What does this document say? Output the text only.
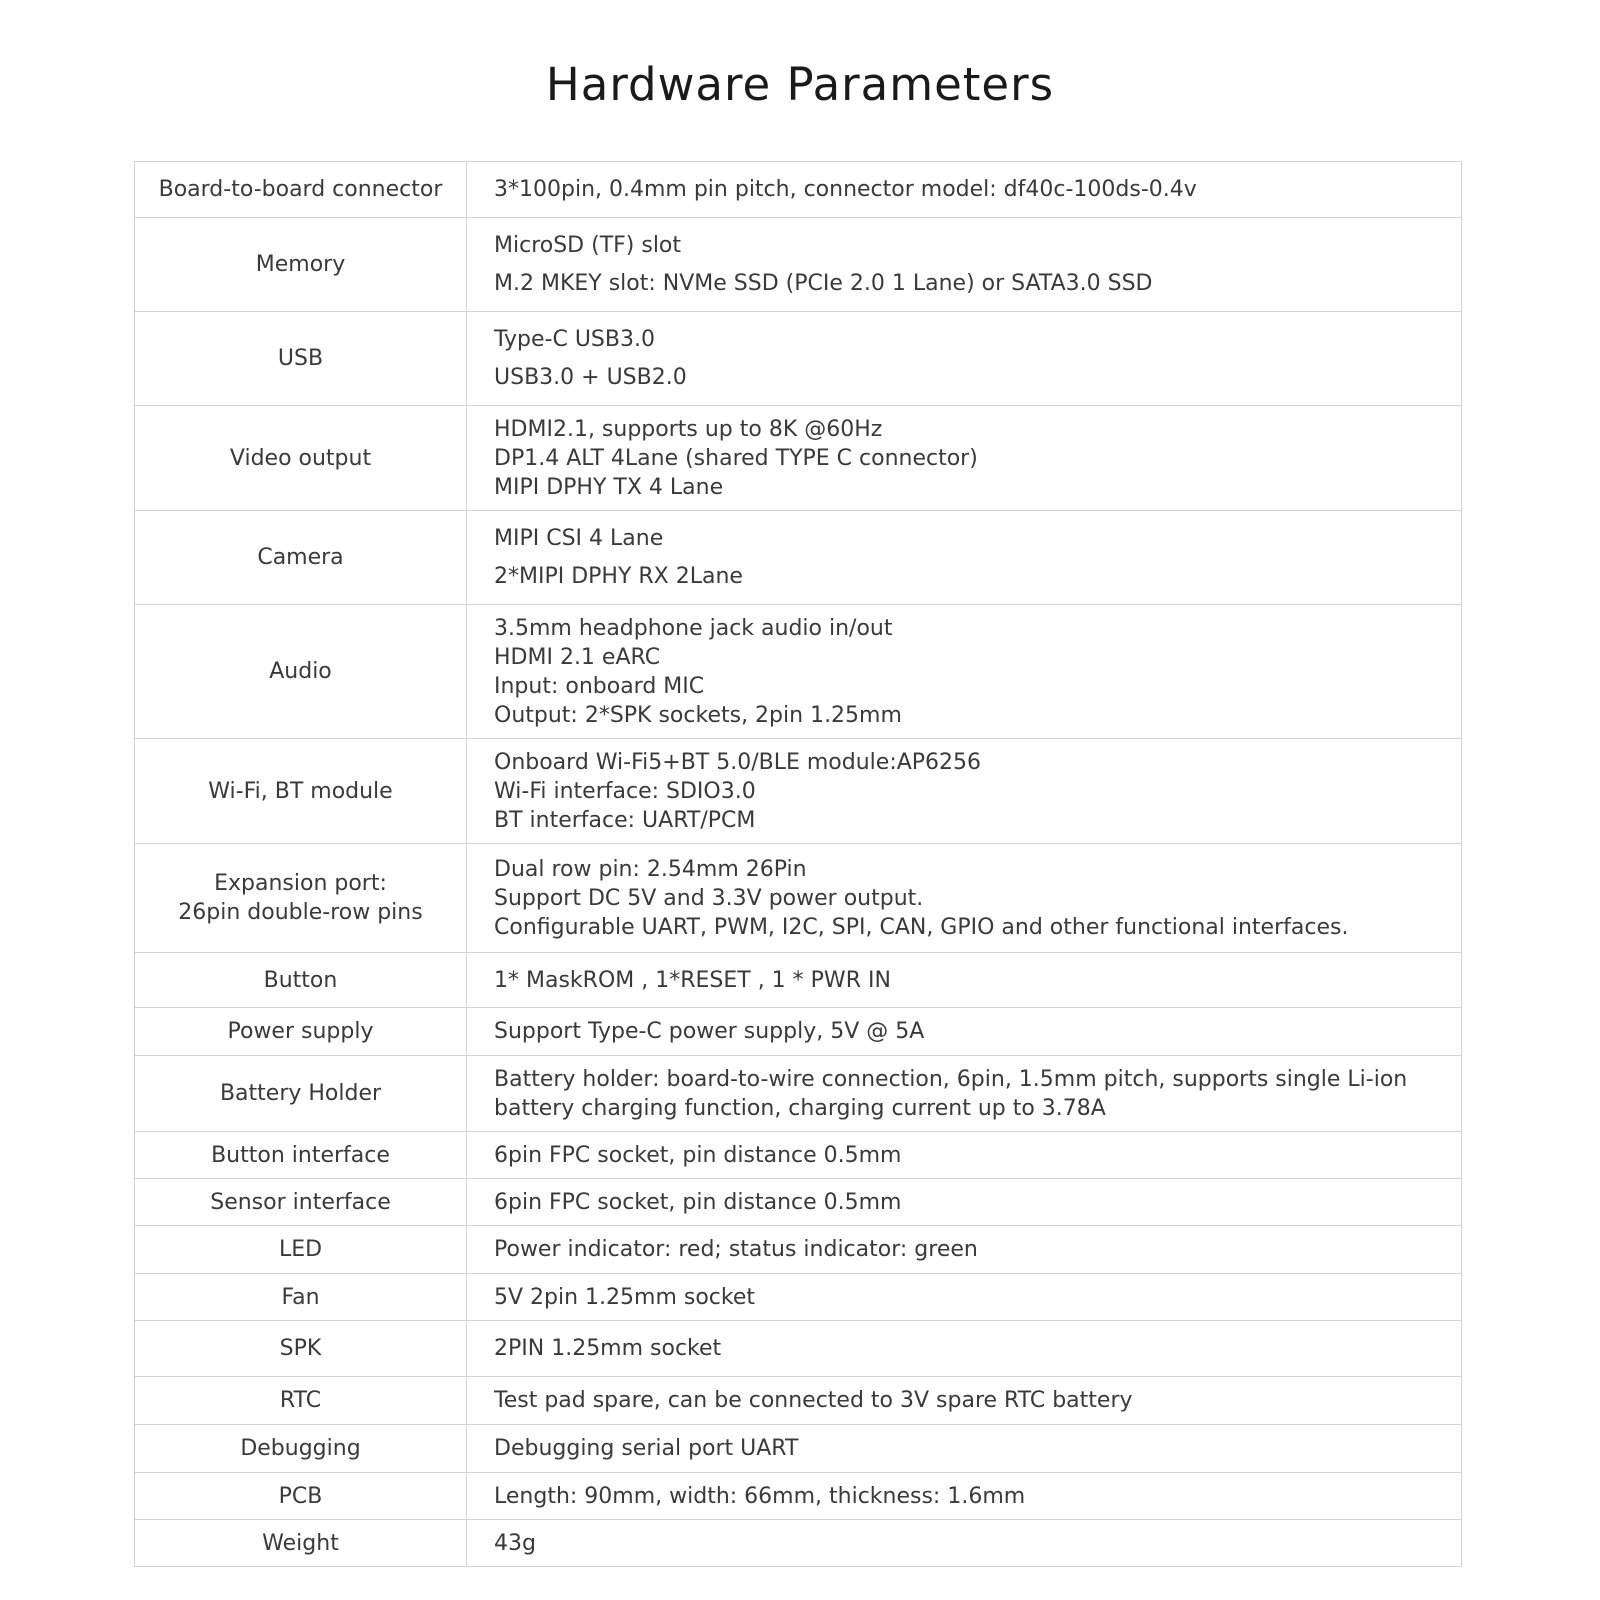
Hardware Parameters
Board-to-board connector	3*100pin, 0.4mm pin pitch, connector model: df40c-100ds-0.4v

Memory	MicroSD (TF) slot
M.2 MKEY slot: NVMe SSD (PCIe 2.0 1 Lane) or SATA3.0 SSD

USB	Type-C USB3.0
USB3.0 + USB2.0

Video output	HDMI2.1, supports up to 8K @60Hz
DP1.4 ALT 4Lane (shared TYPE C connector)
MIPI DPHY TX 4 Lane

Camera	MIPI CSI 4 Lane
2*MIPI DPHY RX 2Lane

Audio	3.5mm headphone jack audio in/out
HDMI 2.1 eARC
Input: onboard MIC
Output: 2*SPK sockets, 2pin 1.25mm

Wi-Fi, BT module	Onboard Wi-Fi5+BT 5.0/BLE module:AP6256
Wi-Fi interface: SDIO3.0
BT interface: UART/PCM

Expansion port:
26pin double-row pins	Dual row pin: 2.54mm 26Pin
Support DC 5V and 3.3V power output.
Configurable UART, PWM, I2C, SPI, CAN, GPIO and other functional interfaces.

Button	1* MaskROM , 1*RESET , 1 * PWR IN

Power supply	Support Type-C power supply, 5V @ 5A

Battery Holder	Battery holder: board-to-wire connection, 6pin, 1.5mm pitch, supports single Li-ion
battery charging function, charging current up to 3.78A

Button interface	6pin FPC socket, pin distance 0.5mm

Sensor interface	6pin FPC socket, pin distance 0.5mm

LED	Power indicator: red; status indicator: green

Fan	5V 2pin 1.25mm socket

SPK	2PIN 1.25mm socket

RTC	Test pad spare, can be connected to 3V spare RTC battery

Debugging	Debugging serial port UART

PCB	Length: 90mm, width: 66mm, thickness: 1.6mm

Weight	43g
